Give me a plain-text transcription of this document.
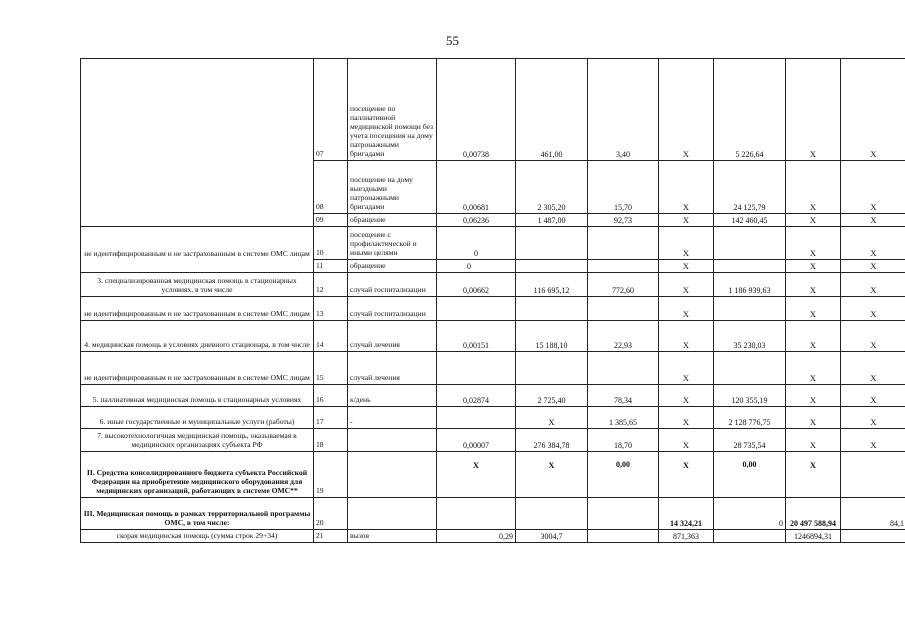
55
	07	посещение по паллиативной медицинской помощи без учета посещения на дому патронажными бригадами	0,00738	461,00	3,40	X	5 226,64	X	X
	08	посещение на дому выездными патронажными бригадами	0,00681	2 305,20	15,70	X	24 125,79	X	X
	09	обращение	0,06236	1 487,00	92,73	X	142 460,45	X	X
не идентифицированным и не застрахованным в системе ОМС лицам	10	посещение с профилактической и иными целями	0			X		X	X
	11	обращение	0			X		X	X
3. специализированная медицинская помощь в стационарных условиях, в том числе	12	случай госпитализации	0,00662	116 695,12	772,60	X	1 186 939,63	X	X
не идентифицированным и не застрахованным в системе ОМС лицам	13	случай госпитализации				X		X	X
4. медицинская помощь в условиях дневного стационара, в том числе	14	случай лечения	0,00151	15 188,10	22,93	X	35 230,03	X	X
не идентифицированным и не застрахованным в системе ОМС лицам	15	случай лечения				X		X	X
5. паллиативная медицинская помощь в стационарных условиях	16	к/день	0,02874	2 725,40	78,34	X	120 355,19	X	X
6. иные государственные и муниципальные услуги (работы)	17	-		X	1 385,65	X	2 128 776,75	X	X
7. высокотехнологичная медицинская помощь, оказываемая в медицинских организациях субъекта РФ	18		0,00007	276 384,78	18,70	X	28 735,54	X	X
II. Средства консолидированного бюджета субъекта Российской Федерации на приобретение медицинского оборудования для медицинских организаций, работающих в системе ОМС**	19		X	X	0,00	X	0,00	X	
III. Медицинская помощь в рамках территориальной программы ОМС, в том числе:	20					14 324,21	0	20 497 588,94	84,1
скорая медицинская помощь (сумма строк 29+34)	21	вызов	0,29	3004,7		871,363		1246894,31	
